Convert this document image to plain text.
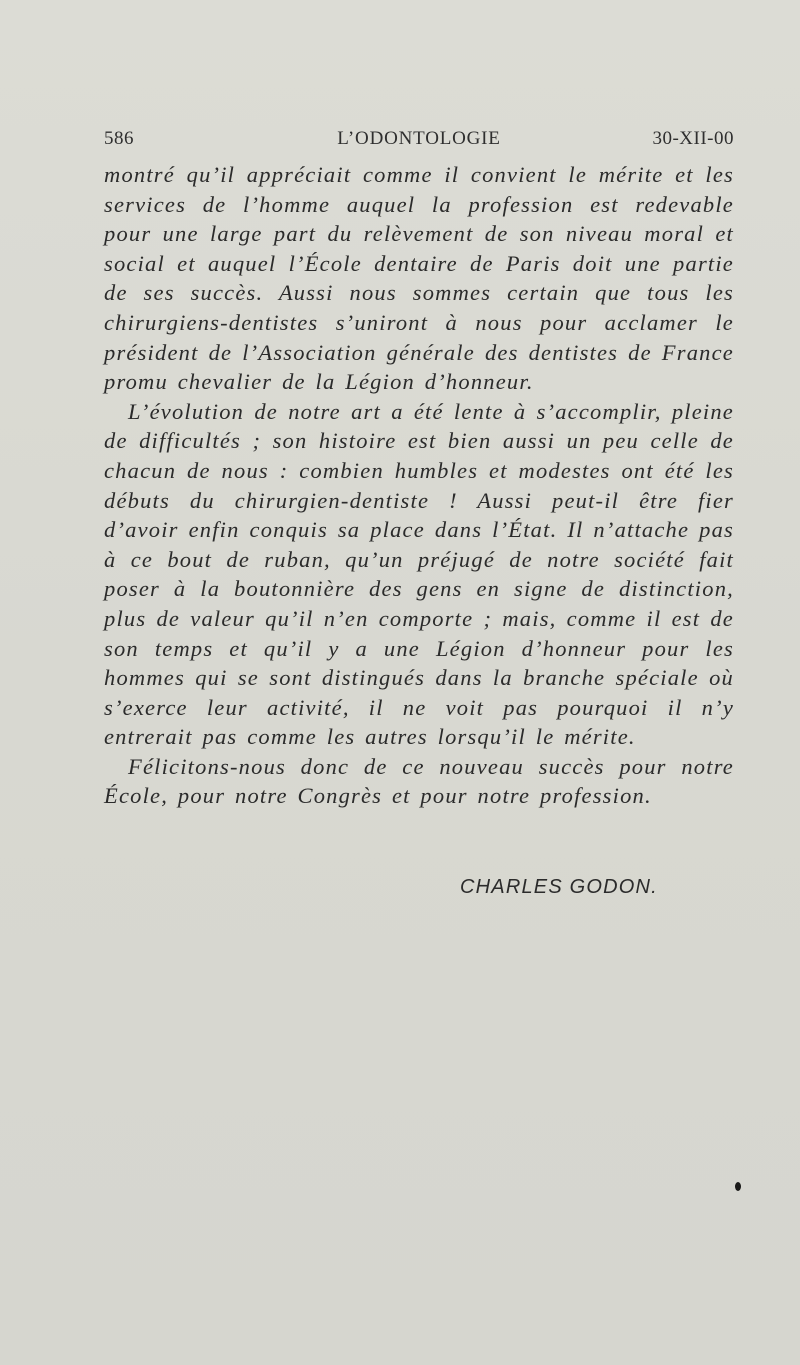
586	L’ODONTOLOGIE	30-XII-00

montré qu’il appréciait comme il convient le mérite et les services de l’homme auquel la profession est redevable pour une large part du relèvement de son niveau moral et social et auquel l’École dentaire de Paris doit une partie de ses succès. Aussi nous sommes certain que tous les chirurgiens-dentistes s’uniront à nous pour acclamer le président de l’Association générale des dentistes de France promu chevalier de la Légion d’honneur.

L’évolution de notre art a été lente à s’accomplir, pleine de difficultés ; son histoire est bien aussi un peu celle de chacun de nous : combien humbles et modestes ont été les débuts du chirurgien-dentiste ! Aussi peut-il être fier d’avoir enfin conquis sa place dans l’État. Il n’attache pas à ce bout de ruban, qu’un préjugé de notre société fait poser à la boutonnière des gens en signe de distinction, plus de valeur qu’il n’en comporte ; mais, comme il est de son temps et qu’il y a une Légion d’honneur pour les hommes qui se sont distingués dans la branche spéciale où s’exerce leur activité, il ne voit pas pourquoi il n’y entrerait pas comme les autres lorsqu’il le mérite.

Félicitons-nous donc de ce nouveau succès pour notre École, pour notre Congrès et pour notre profession.

CHARLES GODON.
